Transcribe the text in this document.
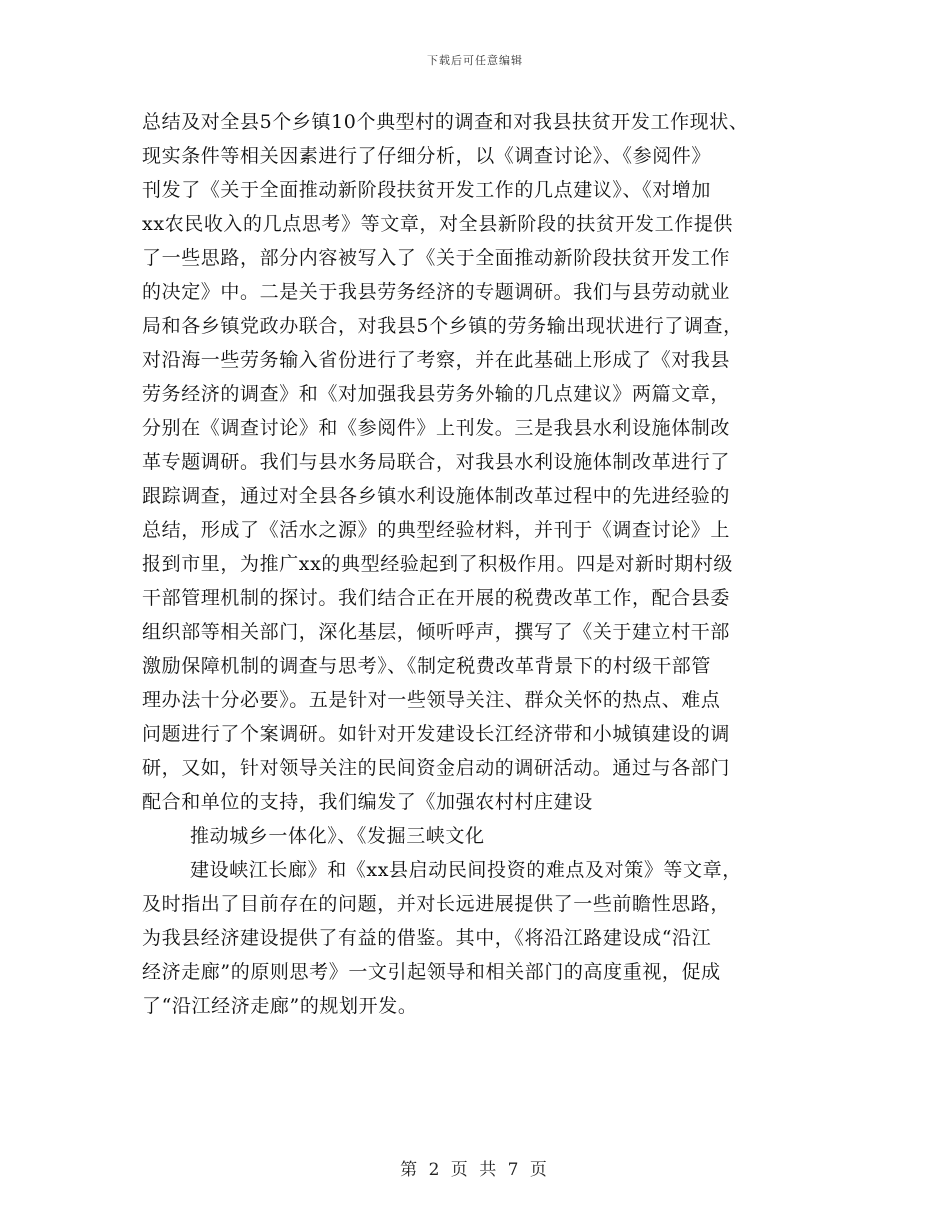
下载后可任意编辑
总结及对全县5个乡镇10个典型村的调查和对我县扶贫开发工作现状、
现实条件等相关因素进行了仔细分析，以《调查讨论》、《参阅件》
刊发了《关于全面推动新阶段扶贫开发工作的几点建议》、《对增加
xx农民收入的几点思考》等文章，对全县新阶段的扶贫开发工作提供
了一些思路，部分内容被写入了《关于全面推动新阶段扶贫开发工作
的决定》中。二是关于我县劳务经济的专题调研。我们与县劳动就业
局和各乡镇党政办联合，对我县5个乡镇的劳务输出现状进行了调查，
对沿海一些劳务输入省份进行了考察，并在此基础上形成了《对我县
劳务经济的调查》和《对加强我县劳务外输的几点建议》两篇文章，
分别在《调查讨论》和《参阅件》上刊发。三是我县水利设施体制改
革专题调研。我们与县水务局联合，对我县水利设施体制改革进行了
跟踪调查，通过对全县各乡镇水利设施体制改革过程中的先进经验的
总结，形成了《活水之源》的典型经验材料，并刊于《调查讨论》上
报到市里，为推广xx的典型经验起到了积极作用。四是对新时期村级
干部管理机制的探讨。我们结合正在开展的税费改革工作，配合县委
组织部等相关部门，深化基层，倾听呼声，撰写了《关于建立村干部
激励保障机制的调查与思考》、《制定税费改革背景下的村级干部管
理办法十分必要》。五是针对一些领导关注、群众关怀的热点、难点
问题进行了个案调研。如针对开发建设长江经济带和小城镇建设的调
研，又如，针对领导关注的民间资金启动的调研活动。通过与各部门
配合和单位的支持，我们编发了《加强农村村庄建设
推动城乡一体化》、《发掘三峡文化
建设峡江长廊》和《xx县启动民间投资的难点及对策》等文章，
及时指出了目前存在的问题，并对长远进展提供了一些前瞻性思路，
为我县经济建设提供了有益的借鉴。其中，《将沿江路建设成“沿江
经济走廊”的原则思考》一文引起领导和相关部门的高度重视，促成
了“沿江经济走廊”的规划开发。
第 2 页 共 7 页
